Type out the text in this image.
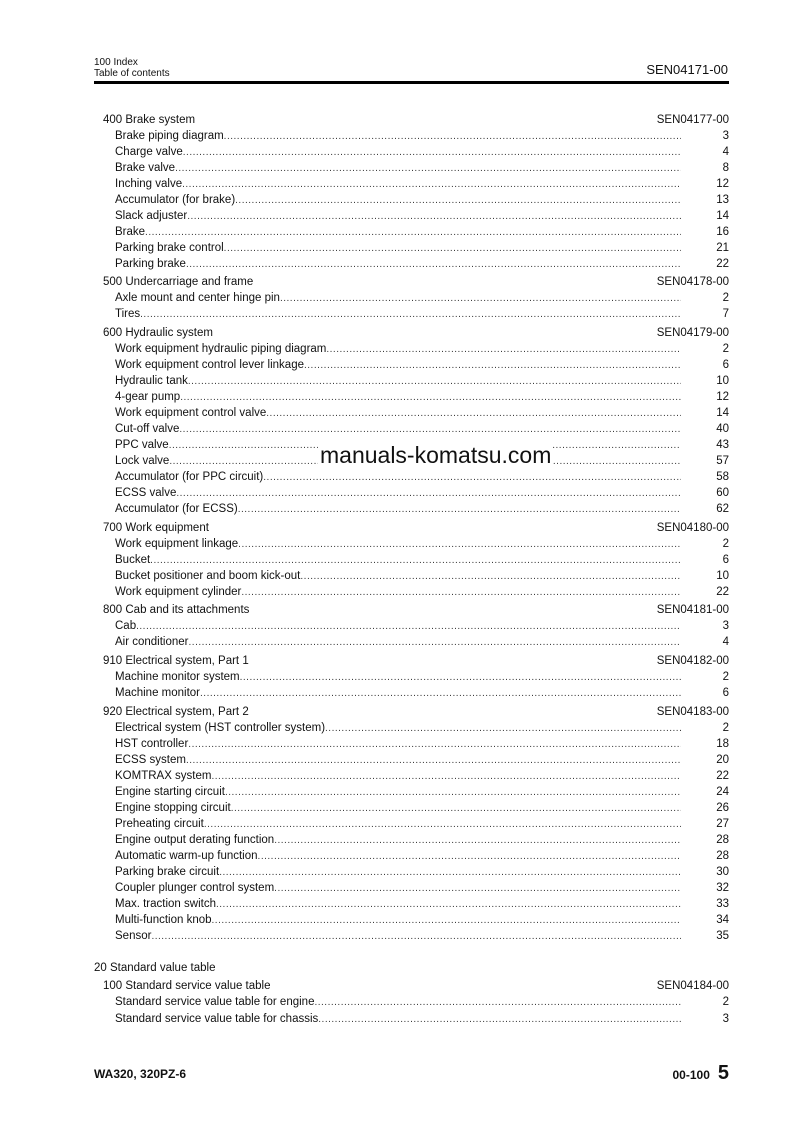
100 Index
Table of contents	SEN04171-00
400 Brake system	SEN04177-00
Brake piping diagram .....	3
Charge valve .....	4
Brake valve .....	8
Inching valve .....	12
Accumulator (for brake) .....	13
Slack adjuster .....	14
Brake .....	16
Parking brake control .....	21
Parking brake .....	22
500 Undercarriage and frame	SEN04178-00
Axle mount and center hinge pin .....	2
Tires .....	7
600 Hydraulic system	SEN04179-00
Work equipment hydraulic piping diagram .....	2
Work equipment control lever linkage .....	6
Hydraulic tank .....	10
4-gear pump .....	12
Work equipment control valve .....	14
Cut-off valve .....	40
PPC valve .....	43
Lock valve .....	57
Accumulator (for PPC circuit) .....	58
ECSS valve .....	60
Accumulator (for ECSS) .....	62
700 Work equipment	SEN04180-00
Work equipment linkage .....	2
Bucket .....	6
Bucket positioner and boom kick-out .....	10
Work equipment cylinder .....	22
800 Cab and its attachments	SEN04181-00
Cab .....	3
Air conditioner .....	4
910 Electrical system, Part 1	SEN04182-00
Machine monitor system .....	2
Machine monitor .....	6
920 Electrical system, Part 2	SEN04183-00
Electrical system (HST controller system) .....	2
HST controller .....	18
ECSS system .....	20
KOMTRAX system .....	22
Engine starting circuit .....	24
Engine stopping circuit .....	26
Preheating circuit .....	27
Engine output derating function .....	28
Automatic warm-up function .....	28
Parking brake circuit .....	30
Coupler plunger control system .....	32
Max. traction switch .....	33
Multi-function knob .....	34
Sensor .....	35
20 Standard value table
100 Standard service value table	SEN04184-00
Standard service value table for engine .....	2
Standard service value table for chassis .....	3
manuals-komatsu.com
WA320, 320PZ-6	00-100 5
